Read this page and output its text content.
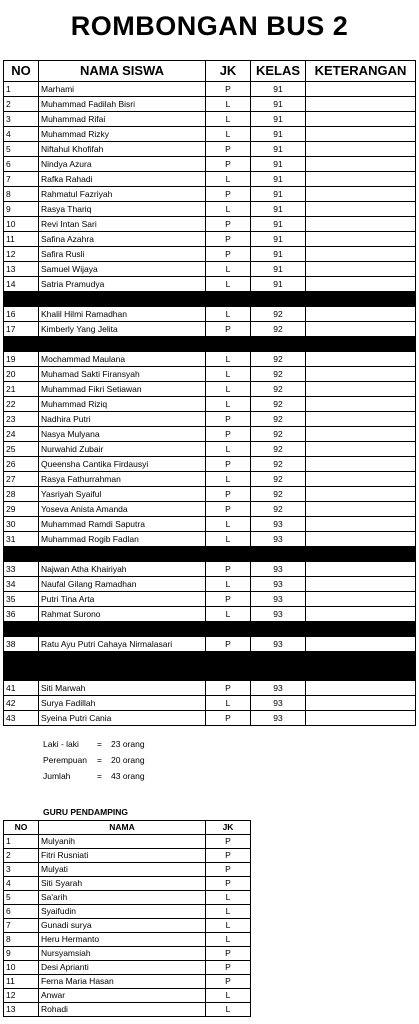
ROMBONGAN BUS 2
NO	NAMA SISWA	JK	KELAS	KETERANGAN
1	Marhami	P	91	
2	Muhammad Fadilah Bisri	L	91	
3	Muhammad Rifai	L	91	
4	Muhammad Rizky	L	91	
5	Niftahul Khofifah	P	91	
6	Nindya Azura	P	91	
7	Rafka Rahadi	L	91	
8	Rahmatul Fazriyah	P	91	
9	Rasya Thariq	L	91	
10	Revi Intan Sari	P	91	
11	Safina Azahra	P	91	
12	Safira Rusli	P	91	
13	Samuel Wijaya	L	91	
14	Satria Pramudya	L	91	

16	Khalil Hilmi Ramadhan	L	92	
17	Kimberly Yang Jelita	P	92	

19	Mochammad Maulana	L	92	
20	Muhamad Sakti Firansyah	L	92	
21	Muhammad Fikri Setiawan	L	92	
22	Muhammad Riziq	L	92	
23	Nadhira Putri	P	92	
24	Nasya Mulyana	P	92	
25	Nurwahid Zubair	L	92	
26	Queensha Cantika Firdausyi	P	92	
27	Rasya Fathurrahman	L	92	
28	Yasriyah Syaiful	P	92	
29	Yoseva Anista Amanda	P	92	
30	Muhammad Ramdi Saputra	L	93	
31	Muhammad Rogib Fadlan	L	93	

33	Najwan Atha Khairiyah	P	93	
34	Naufal Gilang Ramadhan	L	93	
35	Putri Tina Arta	P	93	
36	Rahmat Surono	L	93	

38	Ratu Ayu Putri Cahaya Nirmalasari	P	93	

41	Siti Marwah	P	93	
42	Surya Fadillah	L	93	
43	Syeina Putri Cania	P	93	
Laki - laki	=	23 orang
Perempuan	=	20 orang
Jumlah	=	43 orang
GURU PENDAMPING
NO	NAMA	JK
1	Mulyanih	P
2	Fitri Rusniati	P
3	Mulyati	P
4	Siti Syarah	P
5	Sa'arih	L
6	Syaifudin	L
7	Gunadi surya	L
8	Heru Hermanto	L
9	Nursyamsiah	P
10	Desi Aprianti	P
11	Ferna Maria Hasan	P
12	Anwar	L
13	Rohadi	L
